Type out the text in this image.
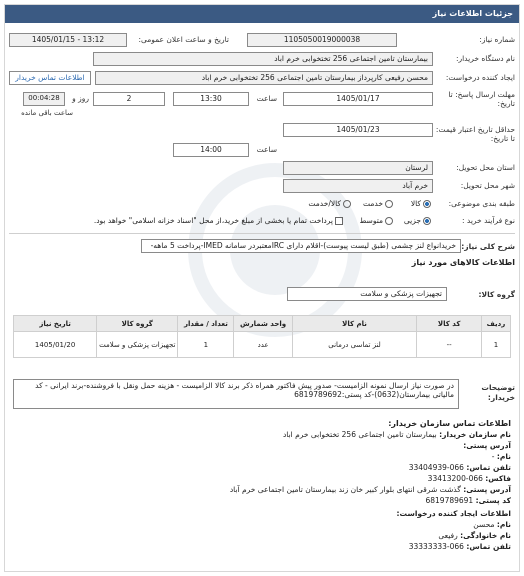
جزئیات اطلاعات نیاز
شماره نیاز:
1105050019000038
تاریخ و ساعت اعلان عمومی:
1405/01/15 - 13:12
نام دستگاه خریدار:
بیمارستان تامین اجتماعی 256 تختخوابی خرم اباد
ایجاد کننده درخواست:
محسن رفیعی کارپرداز بیمارستان تامین اجتماعی 256 تختخوابی خرم اباد
اطلاعات تماس خریدار
مهلت ارسال پاسخ: تا تاریخ:
1405/01/17
ساعت
13:30
2
روز و
00:04:28
ساعت باقی مانده
حداقل تاریخ اعتبار قیمت: تا تاریخ:
1405/01/23
ساعت
14:00
استان محل تحویل:
لرستان
شهر محل تحویل:
خرم آباد
طبقه بندی موضوعی:
کالا
خدمت
کالا/خدمت
نوع فرآیند خرید :
جزیی
متوسط
پرداخت تمام یا بخشی از مبلغ خرید،از محل "اسناد خزانه اسلامی" خواهد بود.
شرح کلی نیاز:
خریدانواع لنز چشمی (طبق لیست پیوست)-اقلام دارای IRCمعتبردر سامانه IMED-پرداخت 5 ماهه-
اطلاعات کالاهای مورد نیاز
گروه کالا:
تجهیزات پزشکی و سلامت
ردیف	کد کالا	نام کالا	واحد شمارش	تعداد / مقدار	گروه کالا	تاریخ نیاز
1	--	لنز تماسی درمانی	عدد	1	تجهیزات پزشکی و سلامت	1405/01/20
توضیحات خریدار:
در صورت نیاز ارسال نمونه الزامیست- صدور پیش فاکتور همراه ذکر برند کالا الزامیست - هزینه حمل ونقل با فروشنده-برند ایرانی - کد مالیاتی بیمارستان(0632)-کد پستی:6819789692
اطلاعات تماس سازمان خریدار:
نام سازمان خریدار: بیمارستان تامین اجتماعی 256 تختخوابی خرم اباد
آدرس پستی:
نام: -
تلفن تماس: 066-33404939
فاکس: 066-33413200
آدرس پستی: گذشت شرقی انتهای بلوار کبیر خان زند بیمارستان تامین اجتماعی خرم آباد
کد پستی: 6819789691
اطلاعات ایجاد کننده درخواست:
نام: محسن
نام خانوادگی: رفیعی
تلفن تماس: 066-33333333
